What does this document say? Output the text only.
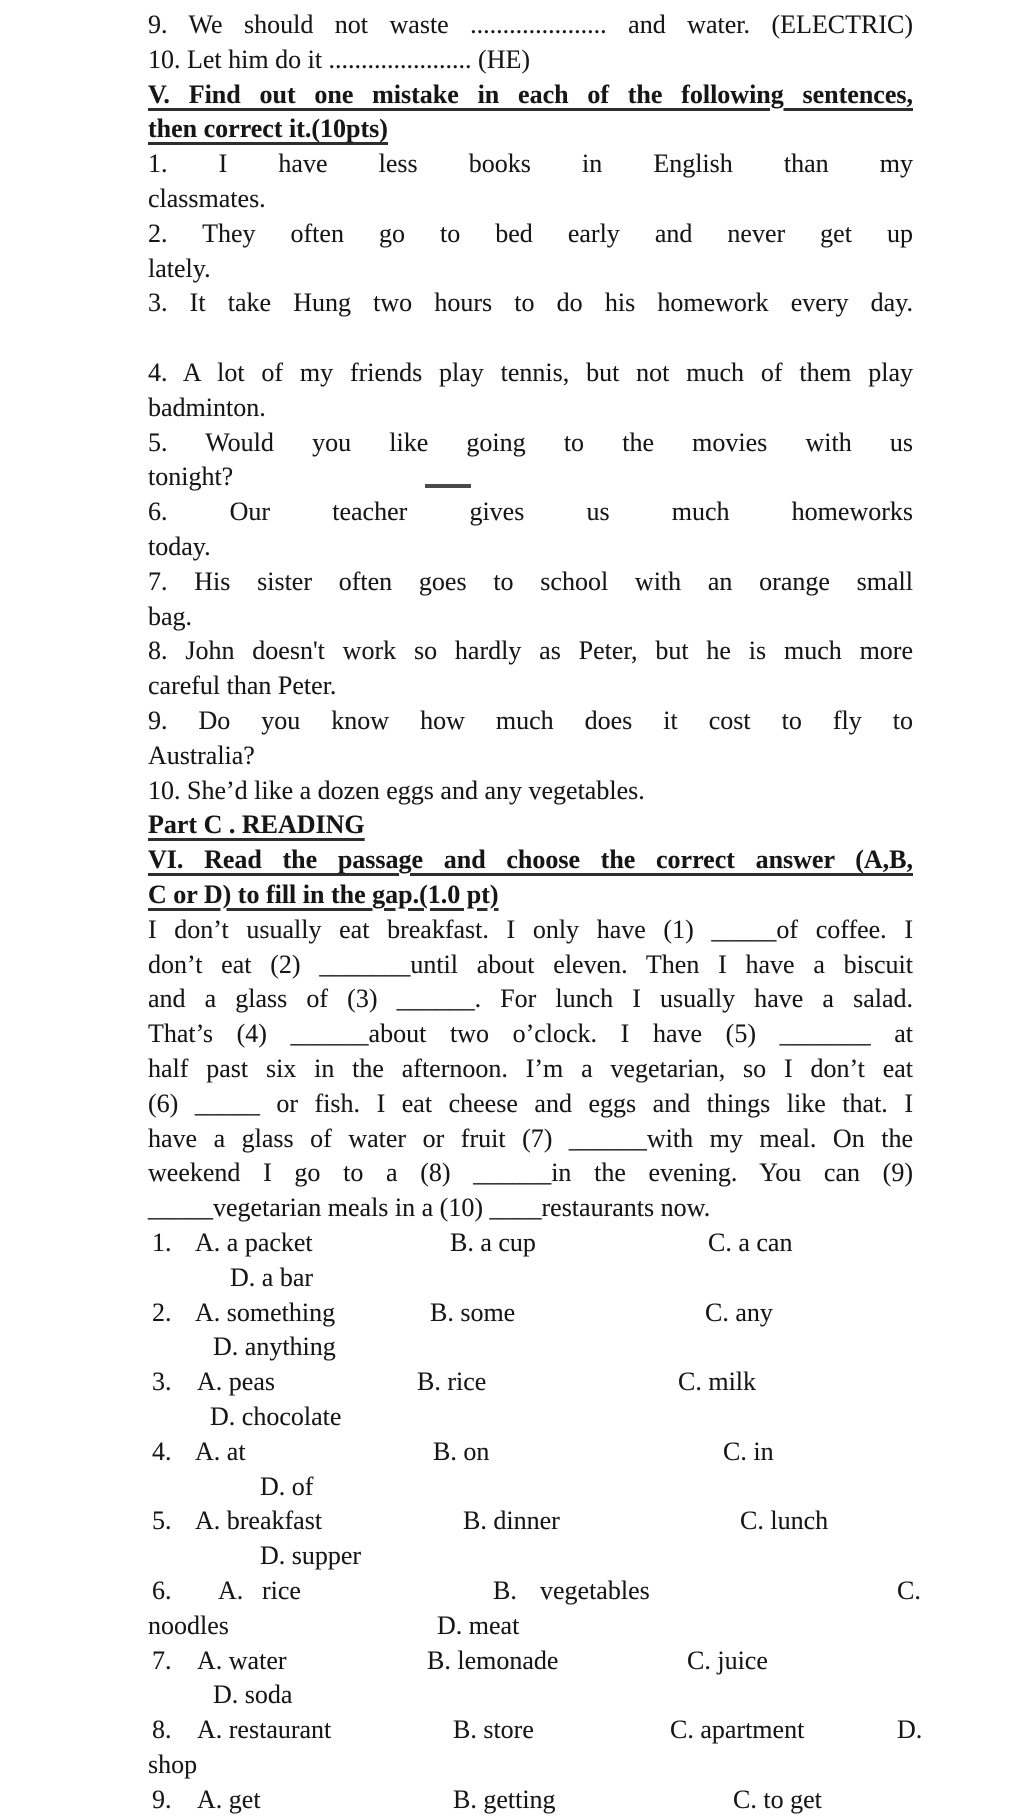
9. We should not waste ..................... and water. (ELECTRIC)
10. Let him do it ...................... (HE)
V. Find out one mistake in each of the following sentences,
then correct it.(10pts)
1. I have less books in English than my
classmates.
2. They often go to bed early and never get up
lately.
3. It take Hung two hours to do his homework every day.
4. A lot of my friends play tennis, but not much of them play
badminton.
5. Would you like going to the movies with us
tonight?
6. Our teacher gives us much homeworks
today.
7. His sister often goes to school with an orange small
bag.
8. John doesn't work so hardly as Peter, but he is much more
careful than Peter.
9. Do you know how much does it cost to fly to
Australia?
10. She’d like a dozen eggs and any vegetables.
Part C . READING
VI. Read the passage and choose the correct answer (A,B,
C or D) to fill in the gap.(1.0 pt)
I don’t usually eat breakfast. I only have (1) _____of coffee. I
don’t eat (2) _______until about eleven. Then I have a biscuit
and a glass of (3) ______. For lunch I usually have a salad.
That’s (4) ______about two o’clock. I have (5) _______ at
half past six in the afternoon. I’m a vegetarian, so I don’t eat
(6) _____ or fish. I eat cheese and eggs and things like that. I
have a glass of water or fruit (7) ______with my meal. On the
weekend I go to a (8) ______in the evening. You can (9)
_____vegetarian meals in a (10) ____restaurants now.
1. A. a packet	B. a cup	C. a can
D. a bar
2. A. something	B. some	C. any
D. anything
3. A. peas	B. rice	C. milk
D. chocolate
4. A. at	B. on	C. in
D. of
5. A. breakfast	B. dinner	C. lunch
D. supper
6. A. rice	B. vegetables	C.
noodles	D. meat
7. A. water	B. lemonade	C. juice
D. soda
8. A. restaurant	B. store	C. apartment	D.
shop
9. A. get	B. getting	C. to get
